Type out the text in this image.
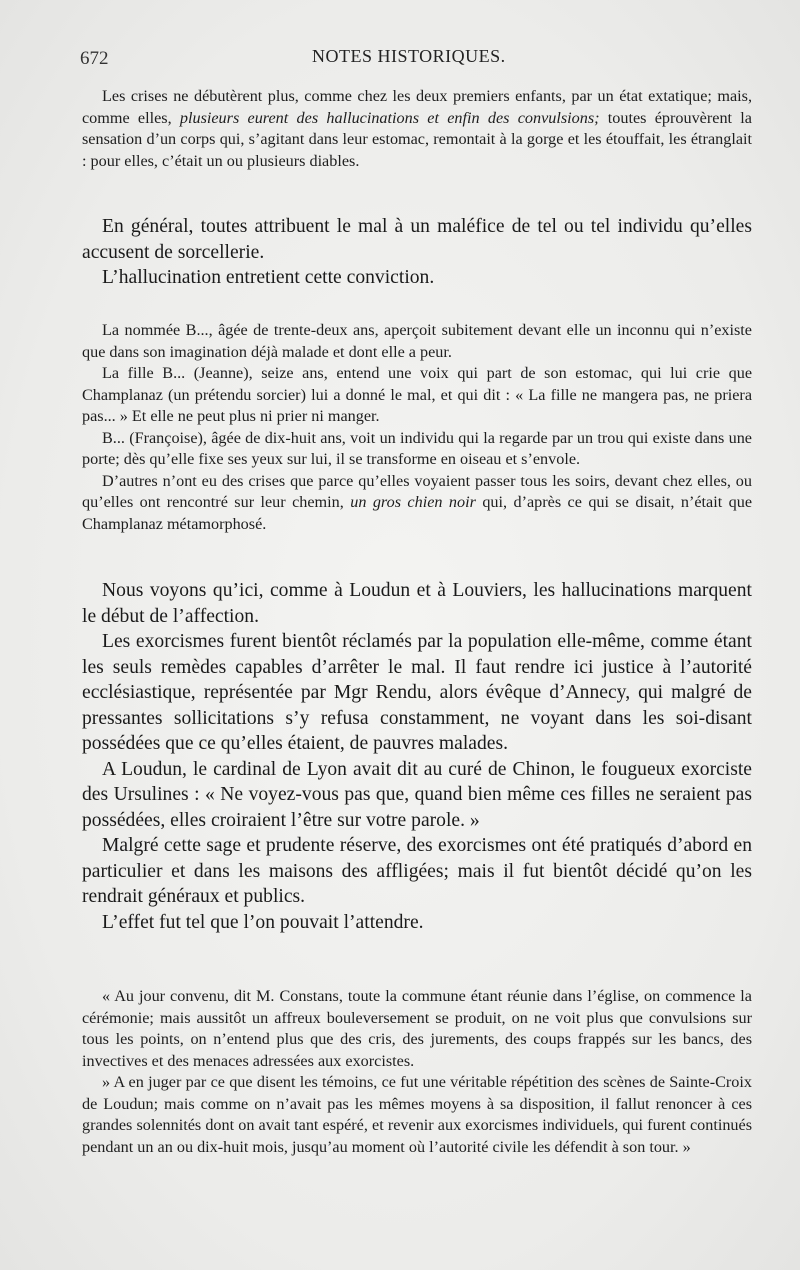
672	NOTES HISTORIQUES.

Les crises ne débutèrent plus, comme chez les deux premiers enfants, par un état extatique; mais, comme elles, plusieurs eurent des hallucinations et enfin des convulsions; toutes éprouvèrent la sensation d’un corps qui, s’agitant dans leur estomac, remontait à la gorge et les étouffait, les étranglait : pour elles, c’était un ou plusieurs diables.

En général, toutes attribuent le mal à un maléfice de tel ou tel individu qu’elles accusent de sorcellerie.

L’hallucination entretient cette conviction.

La nommée B..., âgée de trente-deux ans, aperçoit subitement devant elle un inconnu qui n’existe que dans son imagination déjà malade et dont elle a peur.

La fille B... (Jeanne), seize ans, entend une voix qui part de son estomac, qui lui crie que Champlanaz (un prétendu sorcier) lui a donné le mal, et qui dit : « La fille ne mangera pas, ne priera pas... » Et elle ne peut plus ni prier ni manger.

B... (Françoise), âgée de dix-huit ans, voit un individu qui la regarde par un trou qui existe dans une porte; dès qu’elle fixe ses yeux sur lui, il se transforme en oiseau et s’envole.

D’autres n’ont eu des crises que parce qu’elles voyaient passer tous les soirs, devant chez elles, ou qu’elles ont rencontré sur leur chemin, un gros chien noir qui, d’après ce qui se disait, n’était que Champlanaz métamorphosé.

Nous voyons qu’ici, comme à Loudun et à Louviers, les hallucinations marquent le début de l’affection.

Les exorcismes furent bientôt réclamés par la population elle-même, comme étant les seuls remèdes capables d’arrêter le mal. Il faut rendre ici justice à l’autorité ecclésiastique, représentée par Mgr Rendu, alors évêque d’Annecy, qui malgré de pressantes sollicitations s’y refusa constamment, ne voyant dans les soi-disant possédées que ce qu’elles étaient, de pauvres malades.

A Loudun, le cardinal de Lyon avait dit au curé de Chinon, le fougueux exorciste des Ursulines : « Ne voyez-vous pas que, quand bien même ces filles ne seraient pas possédées, elles croiraient l’être sur votre parole. »

Malgré cette sage et prudente réserve, des exorcismes ont été pratiqués d’abord en particulier et dans les maisons des affligées; mais il fut bientôt décidé qu’on les rendrait généraux et publics.

L’effet fut tel que l’on pouvait l’attendre.

« Au jour convenu, dit M. Constans, toute la commune étant réunie dans l’église, on commence la cérémonie; mais aussitôt un affreux bouleversement se produit, on ne voit plus que convulsions sur tous les points, on n’entend plus que des cris, des jurements, des coups frappés sur les bancs, des invectives et des menaces adressées aux exorcistes.

» A en juger par ce que disent les témoins, ce fut une véritable répétition des scènes de Sainte-Croix de Loudun; mais comme on n’avait pas les mêmes moyens à sa disposition, il fallut renoncer à ces grandes solennités dont on avait tant espéré, et revenir aux exorcismes individuels, qui furent continués pendant un an ou dix-huit mois, jusqu’au moment où l’autorité civile les défendit à son tour. »
